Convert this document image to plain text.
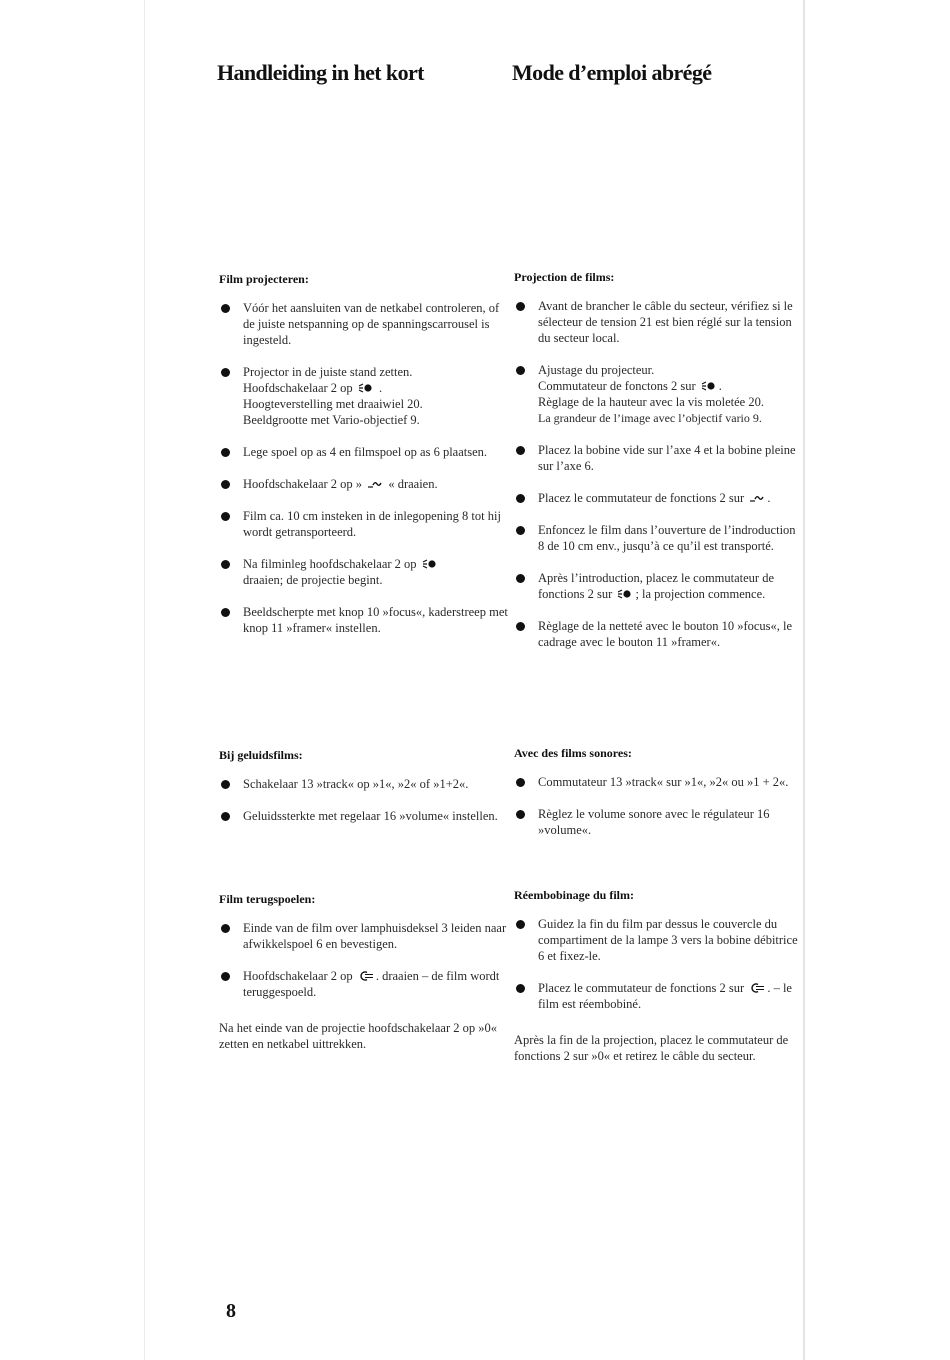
Handleiding in het kort	Mode d’emploi abrégé
Film projecteren:
Vóór het aansluiten van de netkabel controleren, of de juiste netspanning op de spanningscarrousel is ingesteld.
Projector in de juiste stand zetten.
Hoofdschakelaar 2 op .
Hoogteverstelling met draaiwiel 20.
Beeldgrootte met Vario-objectief 9.
Lege spoel op as 4 en filmspoel op as 6 plaatsen.
Hoofdschakelaar 2 op » « draaien.
Film ca. 10 cm insteken in de inlegopening 8 tot hij wordt getransporteerd.
Na filminleg hoofdschakelaar 2 op

draaien; de projectie begint.
Beeldscherpte met knop 10 »focus«, kaderstreep met knop 11 »framer« instellen.
Bij geluidsfilms:
Schakelaar 13 »track« op »1«, »2« of »1+2«.
Geluidssterkte met regelaar 16 »volume« instellen.
Film terugspoelen:
Einde van de film over lamphuisdeksel 3 leiden naar afwikkelspoel 6 en bevestigen.
Hoofdschakelaar 2 op . draaien – de film wordt teruggespoeld.
Na het einde van de projectie hoofdschakelaar 2 op »0« zetten en netkabel uittrekken.
Projection de films:
Avant de brancher le câble du secteur, vérifiez si le sélecteur de tension 21 est bien réglé sur la tension du secteur local.
Ajustage du projecteur.
Commutateur de fonctons 2 sur .
Règlage de la hauteur avec la vis moletée 20.
La grandeur de l’image avec l’objectif vario 9.
Placez la bobine vide sur l’axe 4 et la bobine pleine sur l’axe 6.
Placez le commutateur de fonctions 2 sur .
Enfoncez le film dans l’ouverture de l’indroduction 8 de 10 cm env., jusqu’à ce qu’il est transporté.
Après l’introduction, placez le commutateur de fonctions 2 sur ; la projection commence.
Règlage de la netteté avec le bouton 10 »focus«, le cadrage avec le bouton 11 »framer«.
Avec des films sonores:
Commutateur 13 »track« sur »1«, »2« ou »1 + 2«.
Règlez le volume sonore avec le régulateur 16 »volume«.
Réembobinage du film:
Guidez la fin du film par dessus le couvercle du compartiment de la lampe 3 vers la bobine débitrice 6 et fixez-le.
Placez le commutateur de fonctions 2 sur . – le film est réembobiné.
Après la fin de la projection, placez le commutateur de fonctions 2 sur »0« et retirez le câble du secteur.
8
